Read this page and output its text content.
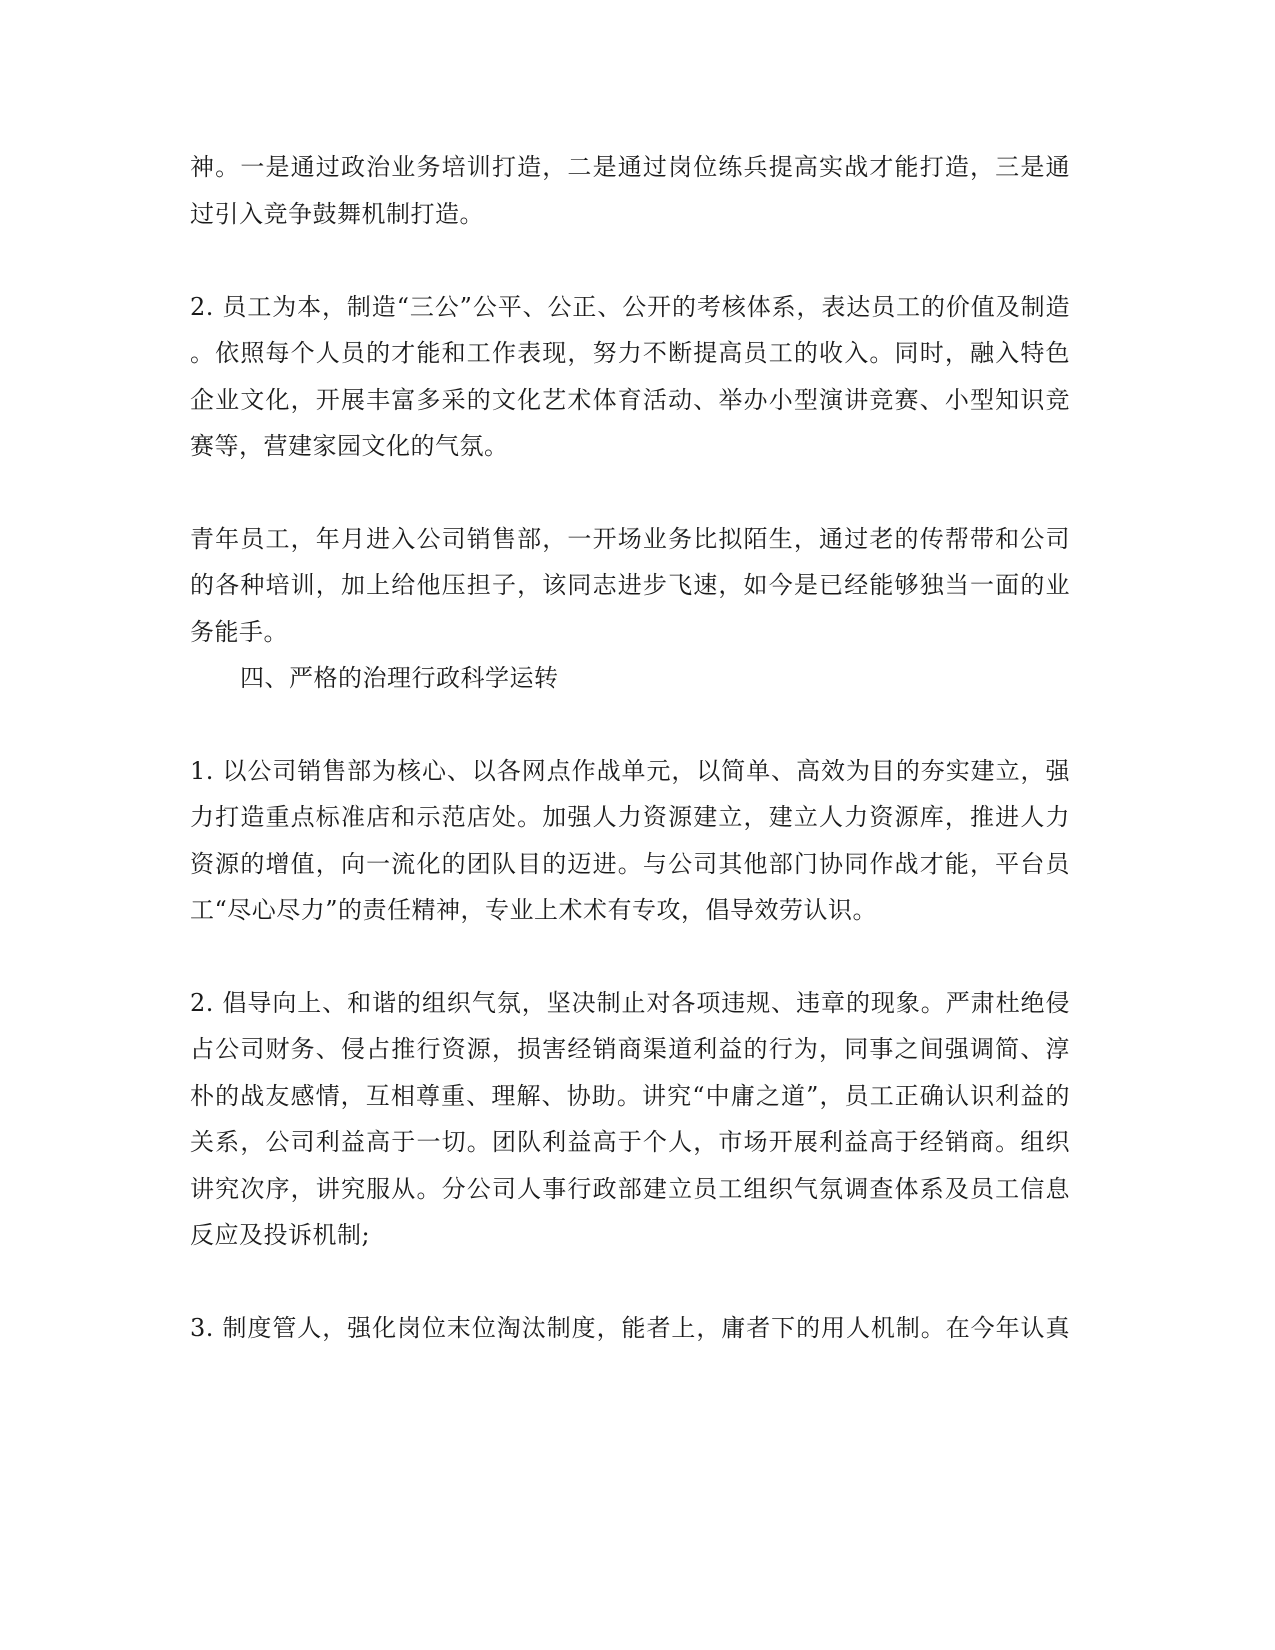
神。一是通过政治业务培训打造，二是通过岗位练兵提高实战才能打造，三是通
过引入竞争鼓舞机制打造。
2. 员工为本，制造“三公”公平、公正、公开的考核体系，表达员工的价值及制造
。依照每个人员的才能和工作表现，努力不断提高员工的收入。同时，融入特色
企业文化，开展丰富多采的文化艺术体育活动、举办小型演讲竞赛、小型知识竞
赛等，营建家园文化的气氛。
青年员工，年月进入公司销售部，一开场业务比拟陌生，通过老的传帮带和公司
的各种培训，加上给他压担子，该同志进步飞速，如今是已经能够独当一面的业
务能手。
四、严格的治理行政科学运转
1. 以公司销售部为核心、以各网点作战单元，以简单、高效为目的夯实建立，强
力打造重点标准店和示范店处。加强人力资源建立，建立人力资源库，推进人力
资源的增值，向一流化的团队目的迈进。与公司其他部门协同作战才能，平台员
工“尽心尽力”的责任精神，专业上术术有专攻，倡导效劳认识。
2. 倡导向上、和谐的组织气氛，坚决制止对各项违规、违章的现象。严肃杜绝侵
占公司财务、侵占推行资源，损害经销商渠道利益的行为，同事之间强调简、淳
朴的战友感情，互相尊重、理解、协助。讲究“中庸之道”，员工正确认识利益的
关系，公司利益高于一切。团队利益高于个人，市场开展利益高于经销商。组织
讲究次序，讲究服从。分公司人事行政部建立员工组织气氛调查体系及员工信息
反应及投诉机制;
3. 制度管人，强化岗位末位淘汰制度，能者上，庸者下的用人机制。在今年认真
